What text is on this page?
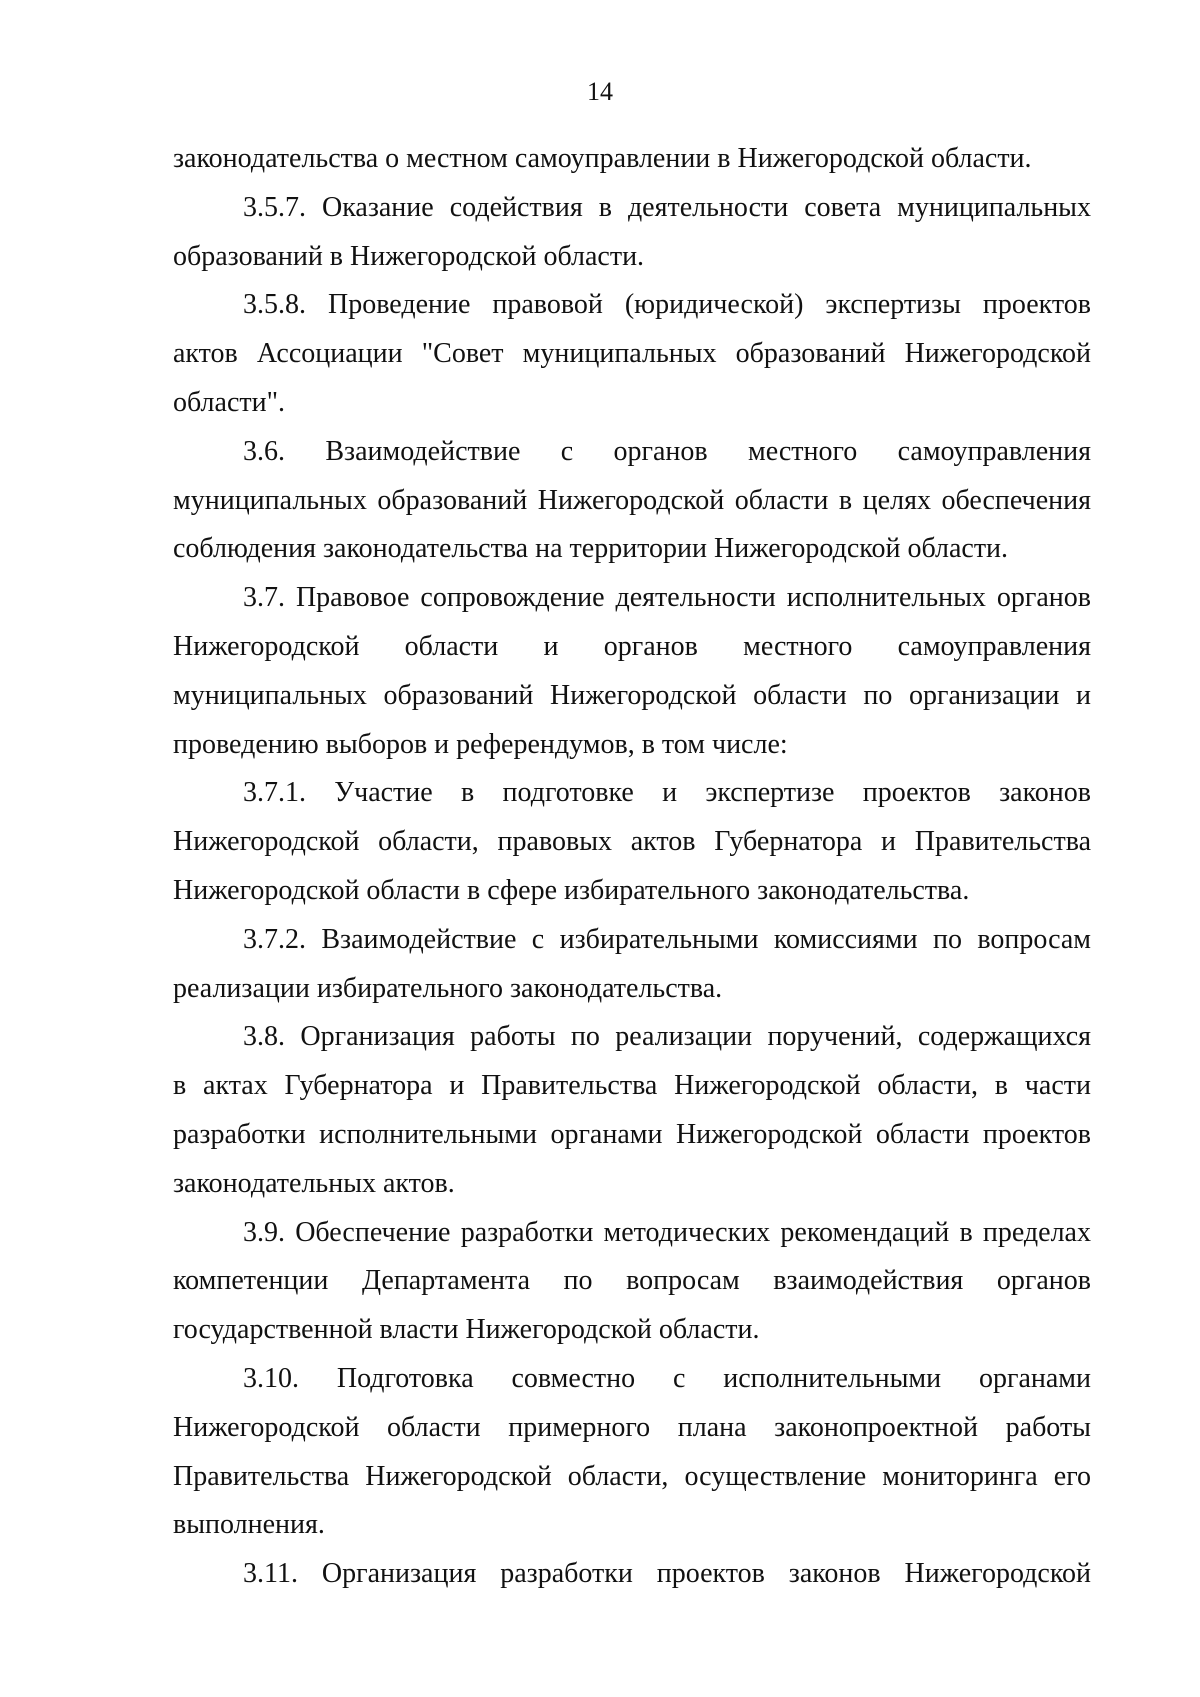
14
законодательства о местном самоуправлении в Нижегородской области.
3.5.7. Оказание содействия в деятельности совета муниципальных
образований в Нижегородской области.
3.5.8. Проведение правовой (юридической) экспертизы проектов
актов Ассоциации "Совет муниципальных образований Нижегородской
области".
3.6. Взаимодействие с органов местного самоуправления
муниципальных образований Нижегородской области в целях обеспечения
соблюдения законодательства на территории Нижегородской области.
3.7. Правовое сопровождение деятельности исполнительных органов
Нижегородской области и органов местного самоуправления
муниципальных образований Нижегородской области по организации и
проведению выборов и референдумов, в том числе:
3.7.1. Участие в подготовке и экспертизе проектов законов
Нижегородской области, правовых актов Губернатора и Правительства
Нижегородской области в сфере избирательного законодательства.
3.7.2. Взаимодействие с избирательными комиссиями по вопросам
реализации избирательного законодательства.
3.8. Организация работы по реализации поручений, содержащихся
в актах Губернатора и Правительства Нижегородской области, в части
разработки исполнительными органами Нижегородской области проектов
законодательных актов.
3.9. Обеспечение разработки методических рекомендаций в пределах
компетенции Департамента по вопросам взаимодействия органов
государственной власти Нижегородской области.
3.10. Подготовка совместно с исполнительными органами
Нижегородской области примерного плана законопроектной работы
Правительства Нижегородской области, осуществление мониторинга его
выполнения.
3.11. Организация разработки проектов законов Нижегородской
